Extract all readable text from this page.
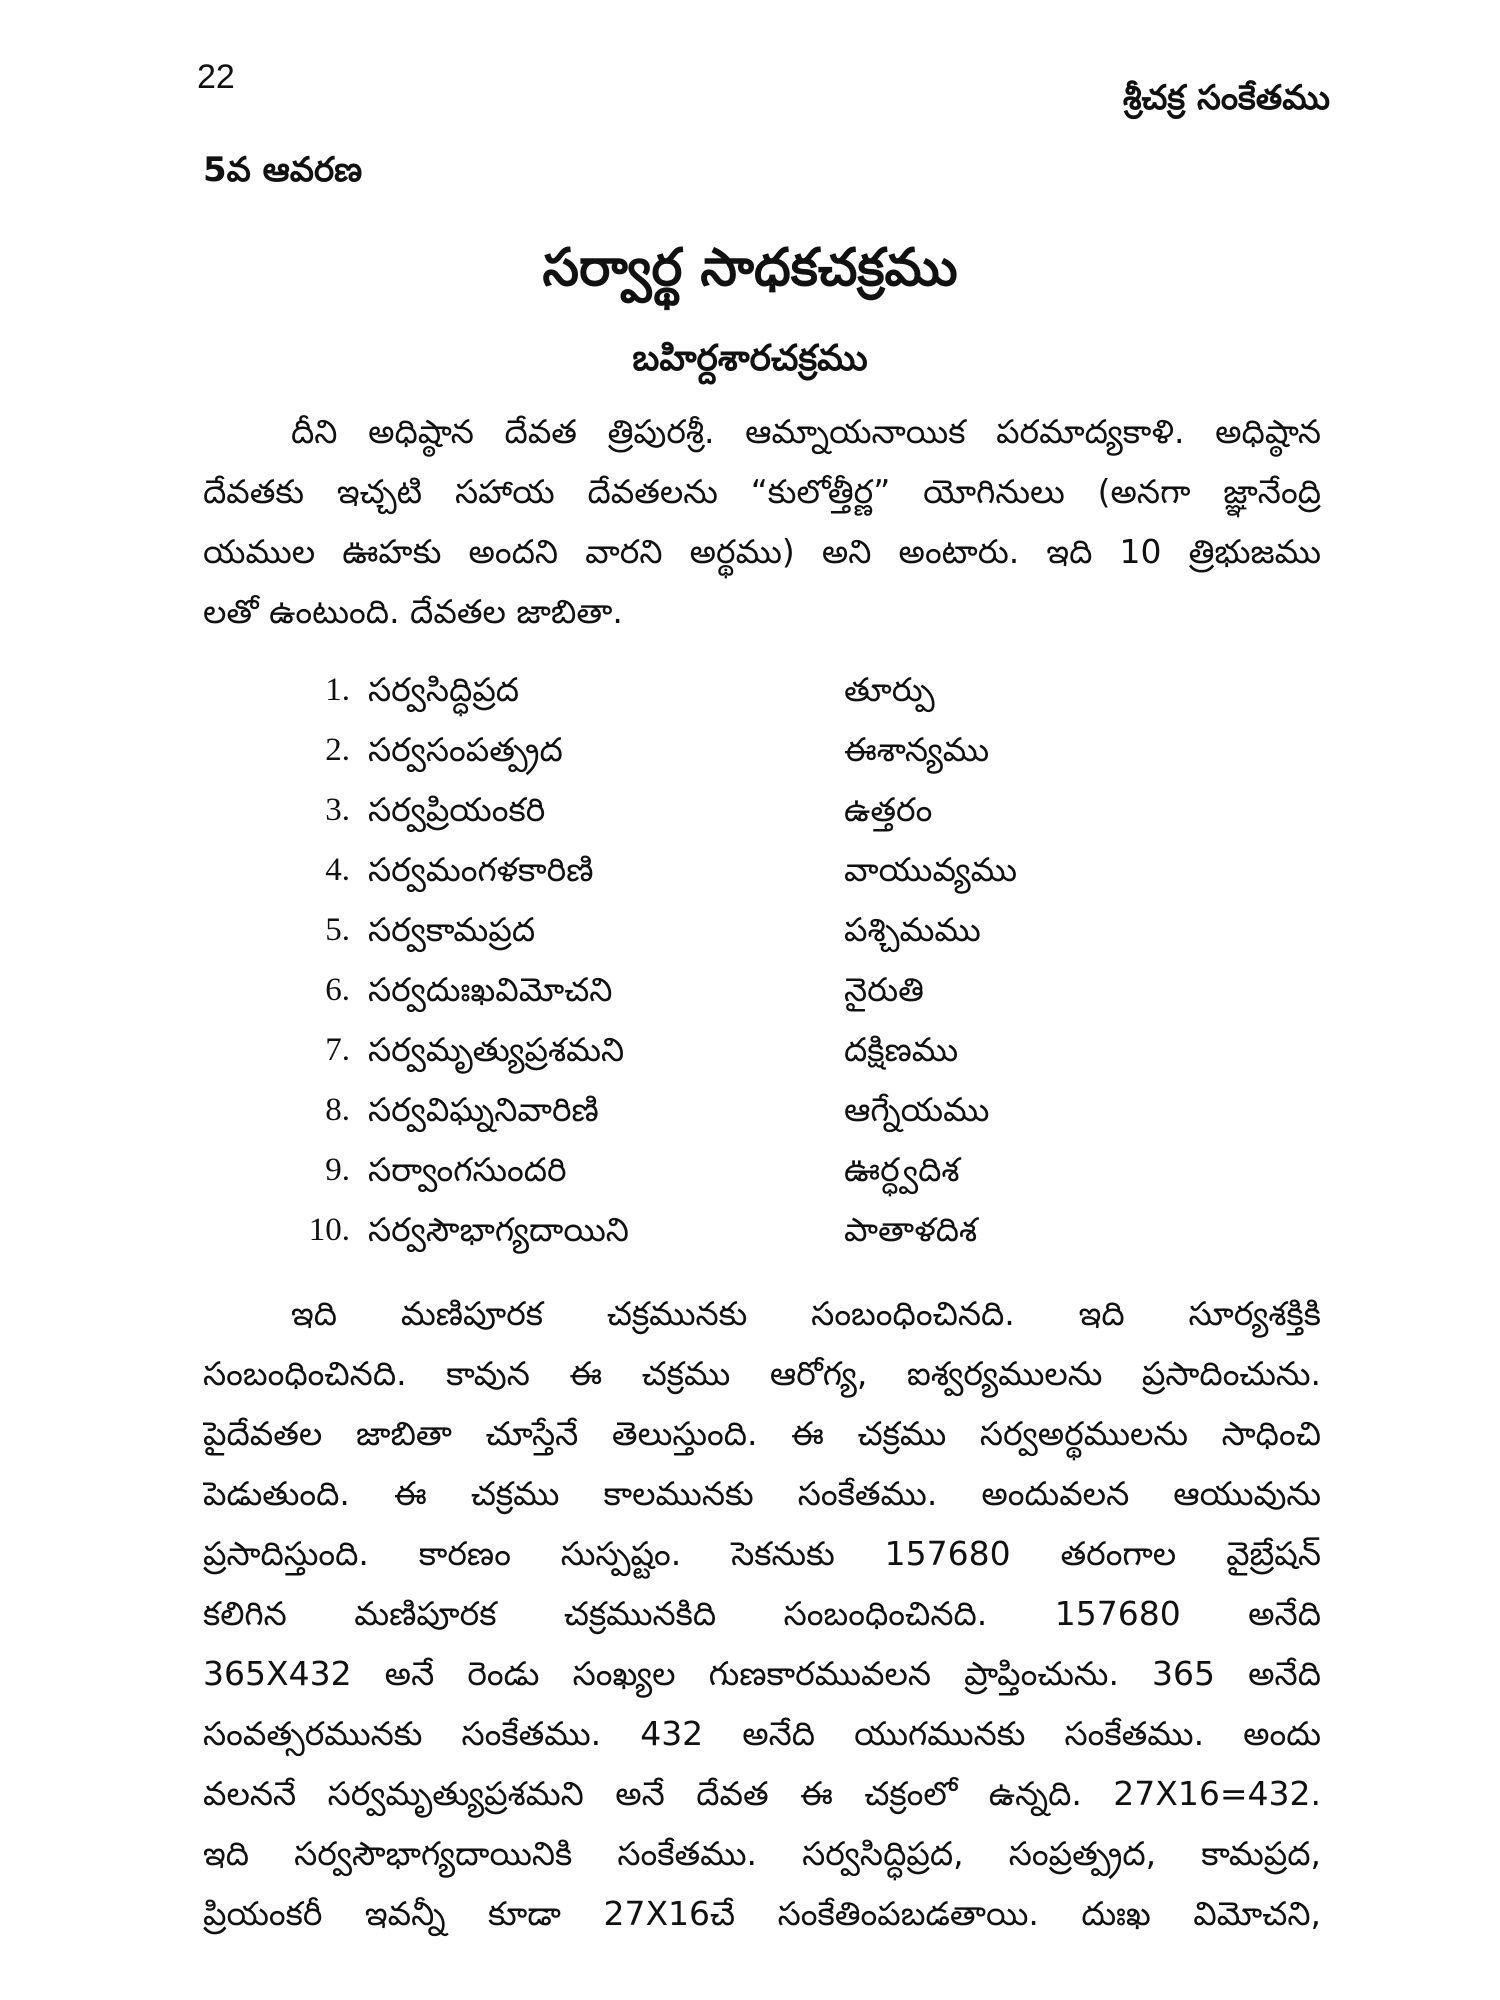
22
శ్రీచక్ర సంకేతము
5వ ఆవరణ
సర్వార్థ సాధకచక్రము
బహిర్దశారచక్రము
దీని అధిష్ఠాన దేవత త్రిపురశ్రీ. ఆమ్నాయనాయిక పరమాద్యకాళి. అధిష్ఠాన
దేవతకు ఇచ్చటి సహాయ దేవతలను “కులోత్తీర్ణ” యోగినులు (అనగా జ్ఞానేంద్రి
యముల ఊహకు అందని వారని అర్థము) అని అంటారు. ఇది 10 త్రిభుజము
లతో ఉంటుంది. దేవతల జాబితా.
1. సర్వసిద్ధిప్రద	తూర్పు
2. సర్వసంపత్ప్రద	ఈశాన్యము
3. సర్వప్రియంకరి	ఉత్తరం
4. సర్వమంగళకారిణి	వాయువ్యము
5. సర్వకామప్రద	పశ్చిమము
6. సర్వదుఃఖవిమోచని	నైరుతి
7. సర్వమృత్యుప్రశమని	దక్షిణము
8. సర్వవిఘ్ననివారిణి	ఆగ్నేయము
9. సర్వాంగసుందరి	ఊర్ధ్వదిశ
10. సర్వసౌభాగ్యదాయిని	పాతాళదిశ
ఇది మణిపూరక చక్రమునకు సంబంధించినది. ఇది సూర్యశక్తికి
సంబంధించినది. కావున ఈ చక్రము ఆరోగ్య, ఐశ్వర్యములను ప్రసాదించును.
పైదేవతల జాబితా చూస్తేనే తెలుస్తుంది. ఈ చక్రము సర్వఅర్థములను సాధించి
పెడుతుంది. ఈ చక్రము కాలమునకు సంకేతము. అందువలన ఆయువును
ప్రసాదిస్తుంది. కారణం సుస్పష్టం. సెకనుకు 157680 తరంగాల వైబ్రేషన్
కలిగిన మణిపూరక చక్రమునకిది సంబంధించినది. 157680 అనేది
365X432 అనే రెండు సంఖ్యల గుణకారమువలన ప్రాప్తించును. 365 అనేది
సంవత్సరమునకు సంకేతము. 432 అనేది యుగమునకు సంకేతము. అందు
వలననే సర్వమృత్యుప్రశమని అనే దేవత ఈ చక్రంలో ఉన్నది. 27X16=432.
ఇది సర్వసౌభాగ్యదాయినికి సంకేతము. సర్వసిద్ధిప్రద, సంప్రత్ప్రద, కామప్రద,
ప్రియంకరీ ఇవన్నీ కూడా 27X16చే సంకేతింపబడతాయి. దుఃఖ విమోచని,
